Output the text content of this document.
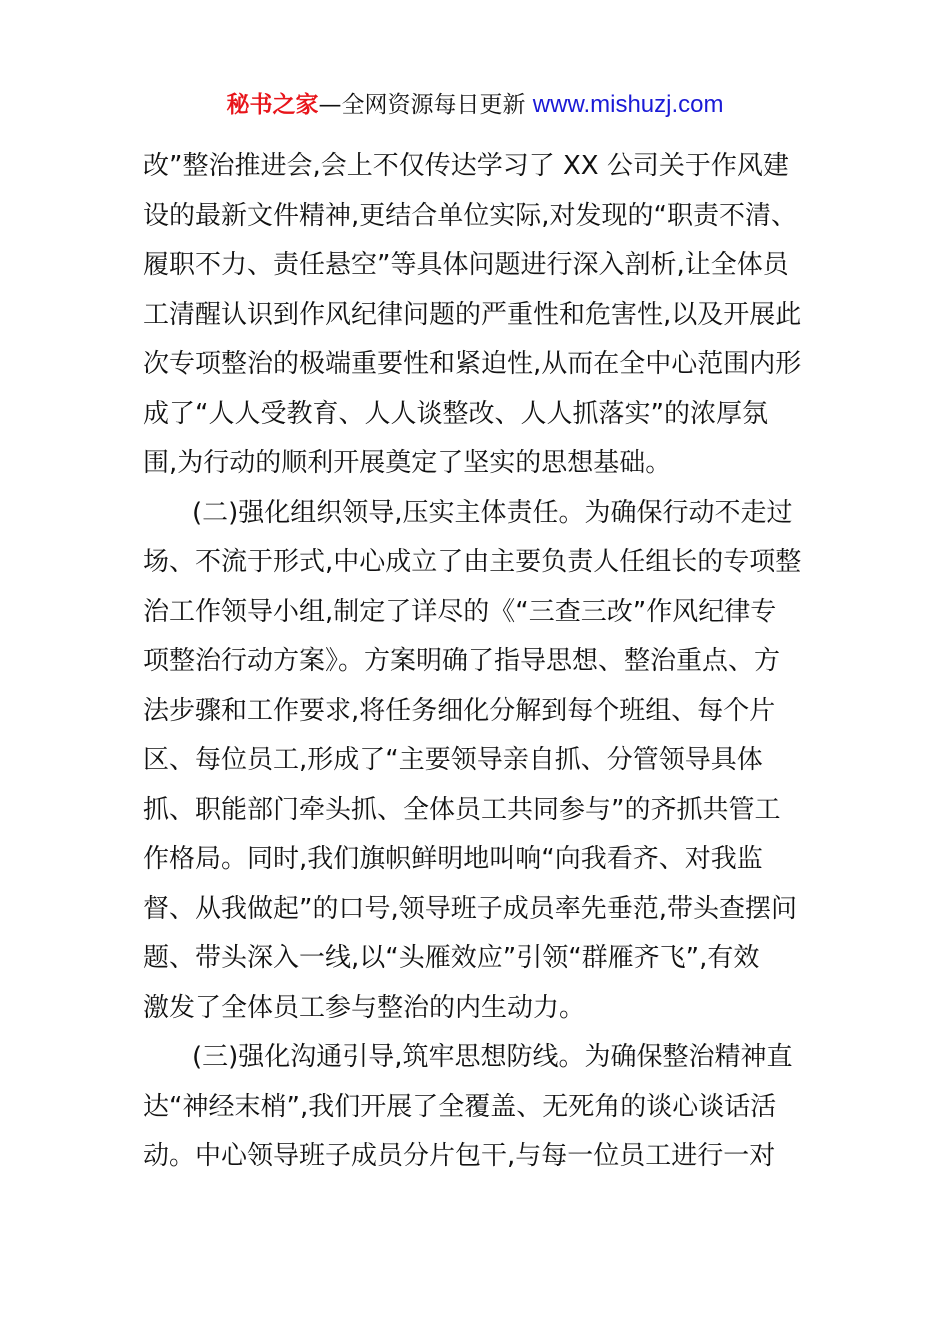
秘书之家—全网资源每日更新 www.mishuzj.com
改”整治推进会,会上不仅传达学习了 XX 公司关于作风建
设的最新文件精神,更结合单位实际,对发现的“职责不清、
履职不力、责任悬空”等具体问题进行深入剖析,让全体员
工清醒认识到作风纪律问题的严重性和危害性,以及开展此
次专项整治的极端重要性和紧迫性,从而在全中心范围内形
成了“人人受教育、人人谈整改、人人抓落实”的浓厚氛
围,为行动的顺利开展奠定了坚实的思想基础。
(二)强化组织领导,压实主体责任。为确保行动不走过
场、不流于形式,中心成立了由主要负责人任组长的专项整
治工作领导小组,制定了详尽的《“三查三改”作风纪律专
项整治行动方案》。方案明确了指导思想、整治重点、方
法步骤和工作要求,将任务细化分解到每个班组、每个片
区、每位员工,形成了“主要领导亲自抓、分管领导具体
抓、职能部门牵头抓、全体员工共同参与”的齐抓共管工
作格局。同时,我们旗帜鲜明地叫响“向我看齐、对我监
督、从我做起”的口号,领导班子成员率先垂范,带头查摆问
题、带头深入一线,以“头雁效应”引领“群雁齐飞”,有效
激发了全体员工参与整治的内生动力。
(三)强化沟通引导,筑牢思想防线。为确保整治精神直
达“神经末梢”,我们开展了全覆盖、无死角的谈心谈话活
动。中心领导班子成员分片包干,与每一位员工进行一对
